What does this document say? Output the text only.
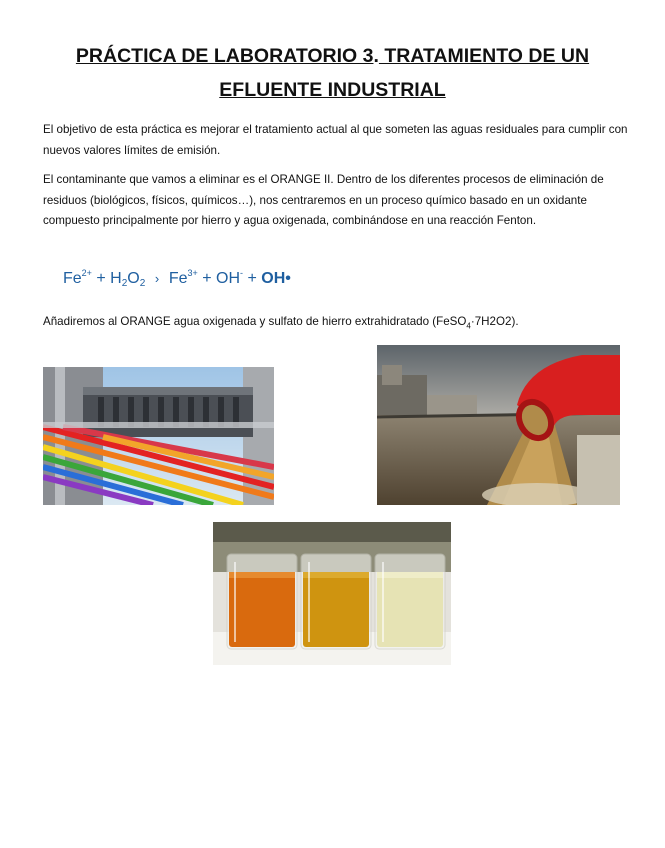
PRÁCTICA DE LABORATORIO 3. TRATAMIENTO DE UN
EFLUENTE INDUSTRIAL
El objetivo de esta práctica es mejorar el tratamiento actual al que someten las aguas residuales para cumplir con nuevos valores límites de emisión.
El contaminante que vamos a eliminar es el ORANGE II. Dentro de los diferentes procesos de eliminación de residuos (biológicos, físicos, químicos…), nos centraremos en un proceso químico basado en un oxidante compuesto principalmente por hierro y agua oxigenada, combinándose en una reacción Fenton.
$Fe^{2+} + H_2O_2$ › $Fe^{3+} + OH^-$ + OH•
Añadiremos al ORANGE agua oxigenada y sulfato de hierro extrahidratado (FeSO$_4$·7H2O2).
